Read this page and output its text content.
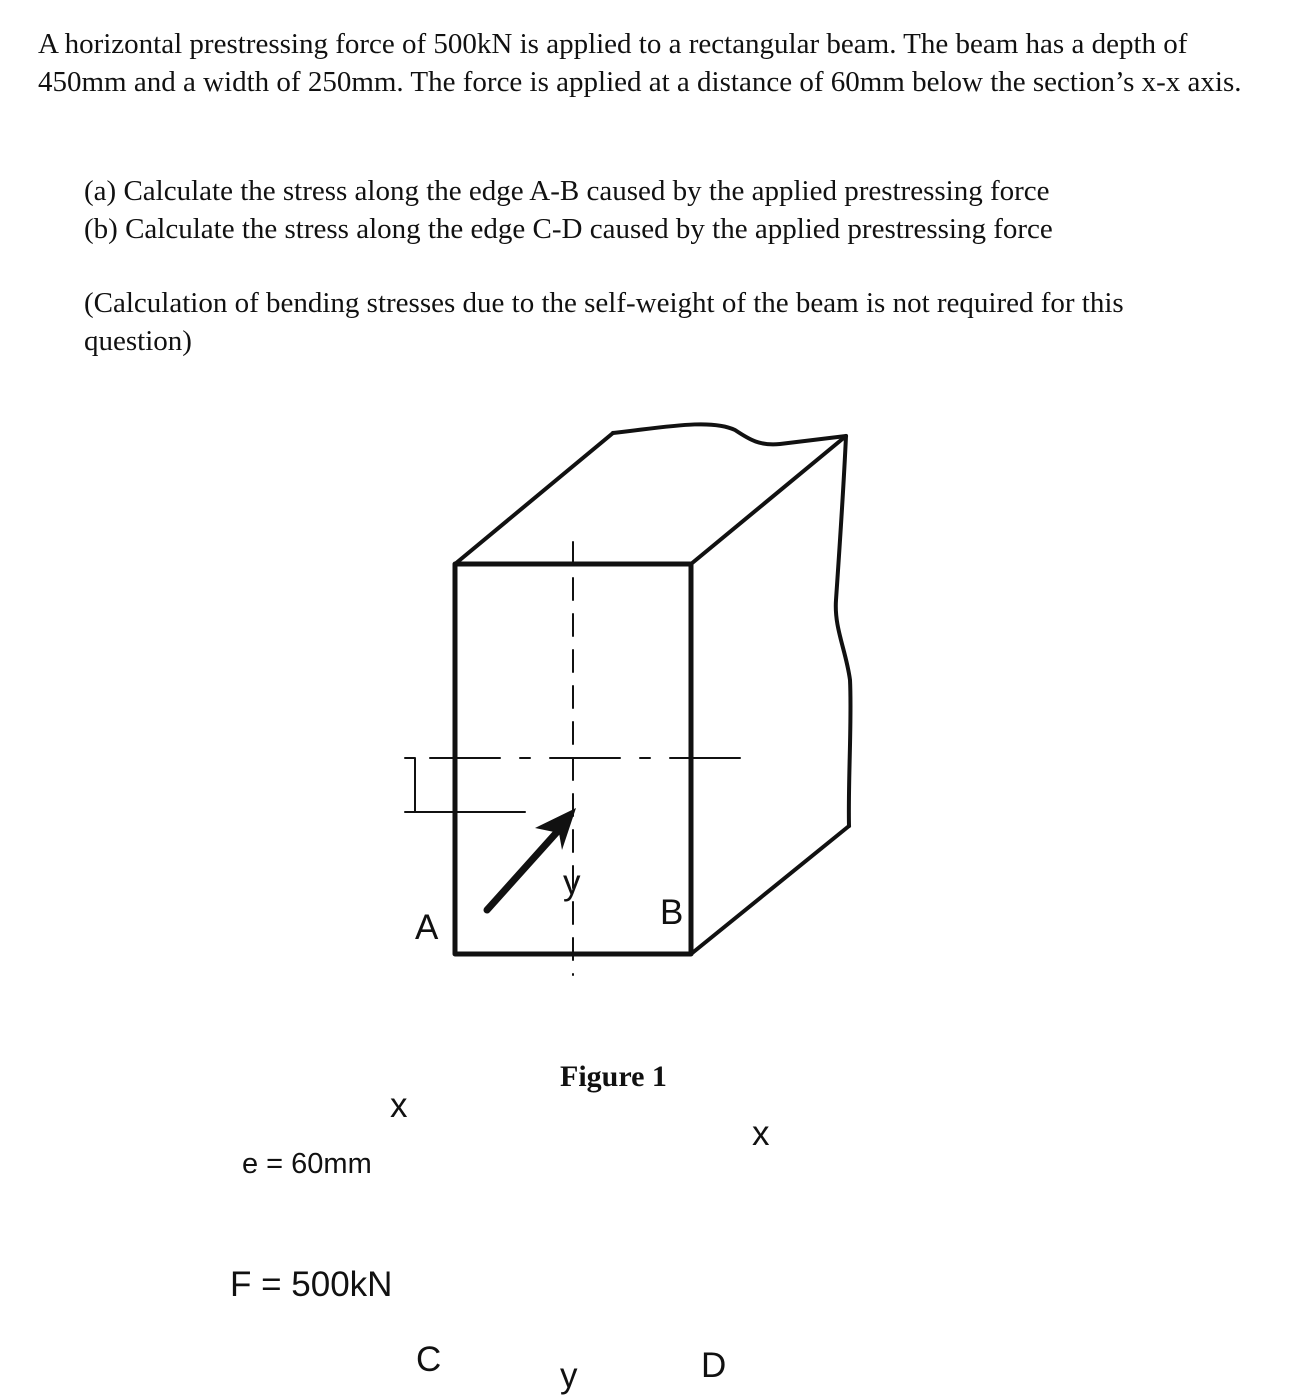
A horizontal prestressing force of 500kN is applied to a rectangular beam. The beam has a depth of 450mm and a width of 250mm. The force is applied at a distance of 60mm below the section’s x-x axis.

(a) Calculate the stress along the edge A-B caused by the applied prestressing force
(b) Calculate the stress along the edge C-D caused by the applied prestressing force
(Calculation of bending stresses due to the self-weight of the beam is not required for this question)
A	B
C	D
y
y
x
x
e = 60mm
F = 500kN
Figure 1
